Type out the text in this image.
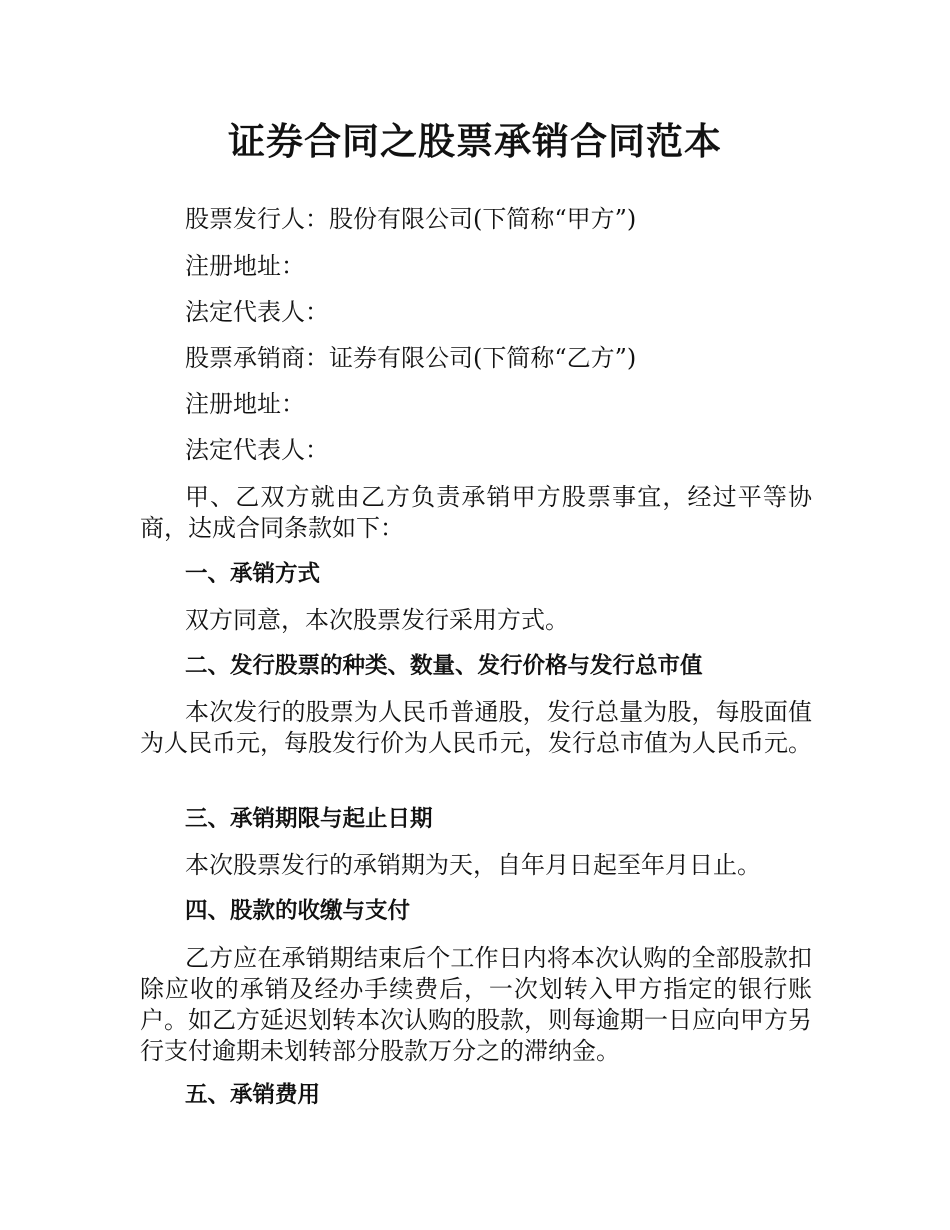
证券合同之股票承销合同范本

股票发行人：股份有限公司(下简称“甲方”)

注册地址：

法定代表人：

股票承销商：证券有限公司(下简称“乙方”)

注册地址：

法定代表人：

甲、乙双方就由乙方负责承销甲方股票事宜，经过平等协商，达成合同条款如下：

一、承销方式

双方同意，本次股票发行采用方式。

二、发行股票的种类、数量、发行价格与发行总市值

本次发行的股票为人民币普通股，发行总量为股，每股面值为人民币元，每股发行价为人民币元，发行总市值为人民币元。

三、承销期限与起止日期

本次股票发行的承销期为天，自年月日起至年月日止。

四、股款的收缴与支付

乙方应在承销期结束后个工作日内将本次认购的全部股款扣除应收的承销及经办手续费后，一次划转入甲方指定的银行账户。如乙方延迟划转本次认购的股款，则每逾期一日应向甲方另行支付逾期未划转部分股款万分之的滞纳金。

五、承销费用
